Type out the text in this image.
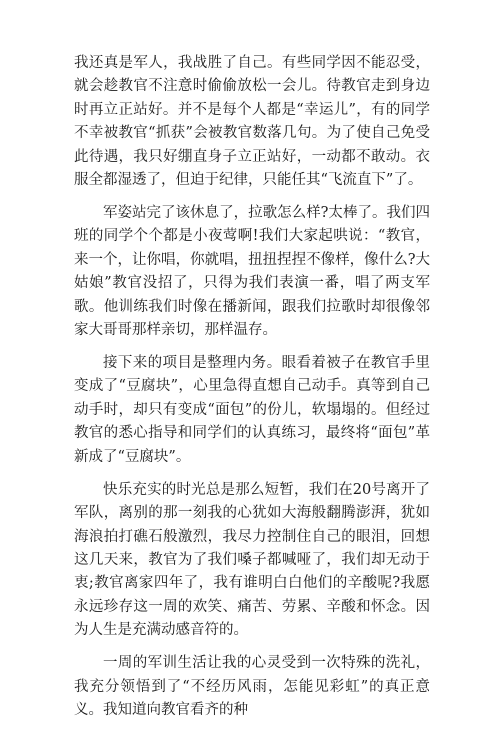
我还真是军人，我战胜了自己。有些同学因不能忍受，就会趁教官不注意时偷偷放松一会儿。待教官走到身边时再立正站好。并不是每个人都是“幸运儿”，有的同学不幸被教官“抓获”会被教官数落几句。为了使自己免受此待遇，我只好绷直身子立正站好，一动都不敢动。衣服全都湿透了，但迫于纪律，只能任其“飞流直下”了。

军姿站完了该休息了，拉歌怎么样?太棒了。我们四班的同学个个都是小夜莺啊!我们大家起哄说：“教官，来一个，让你唱，你就唱，扭扭捏捏不像样，像什么?大姑娘”教官没招了，只得为我们表演一番，唱了两支军歌。他训练我们时像在播新闻，跟我们拉歌时却很像邻家大哥哥那样亲切，那样温存。

接下来的项目是整理内务。眼看着被子在教官手里变成了“豆腐块”，心里急得直想自己动手。真等到自己动手时，却只有变成“面包”的份儿，软塌塌的。但经过教官的悉心指导和同学们的认真练习，最终将“面包”革新成了“豆腐块”。

快乐充实的时光总是那么短暂，我们在20号离开了军队，离别的那一刻我的心犹如大海般翻腾澎湃，犹如海浪拍打礁石般激烈，我尽力控制住自己的眼泪，回想这几天来，教官为了我们嗓子都喊哑了，我们却无动于衷;教官离家四年了，我有谁明白白他们的辛酸呢?我愿永远珍存这一周的欢笑、痛苦、劳累、辛酸和怀念。因为人生是充满动感音符的。

一周的军训生活让我的心灵受到一次特殊的洗礼，我充分领悟到了“不经历风雨，怎能见彩虹”的真正意义。我知道向教官看齐的种
